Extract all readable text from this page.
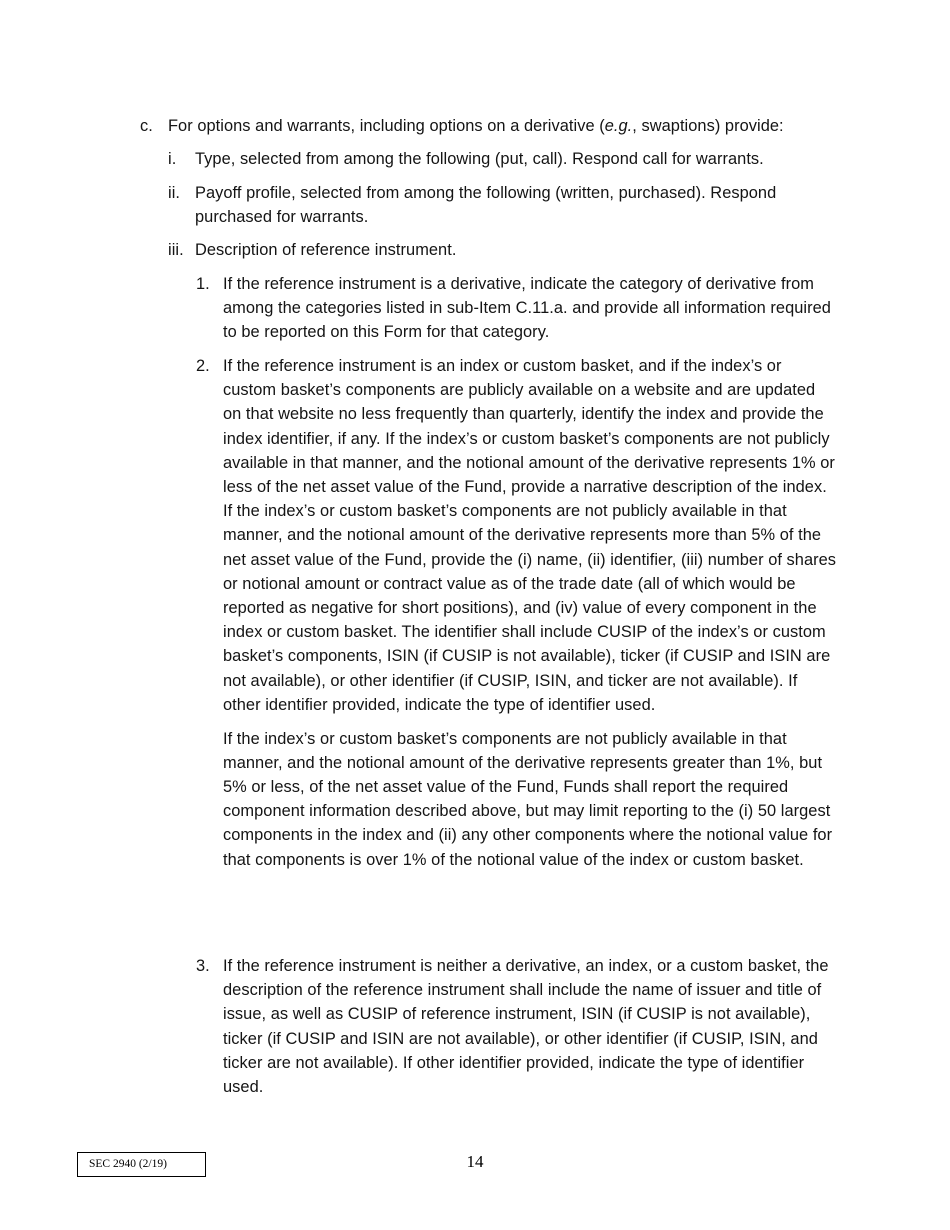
c. For options and warrants, including options on a derivative (e.g., swaptions) provide:
i. Type, selected from among the following (put, call). Respond call for warrants.
ii. Payoff profile, selected from among the following (written, purchased). Respond purchased for warrants.
iii. Description of reference instrument.
1. If the reference instrument is a derivative, indicate the category of derivative from among the categories listed in sub-Item C.11.a. and provide all information required to be reported on this Form for that category.
2. If the reference instrument is an index or custom basket, and if the index’s or custom basket’s components are publicly available on a website and are updated on that website no less frequently than quarterly, identify the index and provide the index identifier, if any. If the index’s or custom basket’s components are not publicly available in that manner, and the notional amount of the derivative represents 1% or less of the net asset value of the Fund, provide a narrative description of the index. If the index’s or custom basket’s components are not publicly available in that manner, and the notional amount of the derivative represents more than 5% of the net asset value of the Fund, provide the (i) name, (ii) identifier, (iii) number of shares or notional amount or contract value as of the trade date (all of which would be reported as negative for short positions), and (iv) value of every component in the index or custom basket. The identifier shall include CUSIP of the index’s or custom basket’s components, ISIN (if CUSIP is not available), ticker (if CUSIP and ISIN are not available), or other identifier (if CUSIP, ISIN, and ticker are not available). If other identifier provided, indicate the type of identifier used.

If the index’s or custom basket’s components are not publicly available in that manner, and the notional amount of the derivative represents greater than 1%, but 5% or less, of the net asset value of the Fund, Funds shall report the required component information described above, but may limit reporting to the (i) 50 largest components in the index and (ii) any other components where the notional value for that components is over 1% of the notional value of the index or custom basket.

3. If the reference instrument is neither a derivative, an index, or a custom basket, the description of the reference instrument shall include the name of issuer and title of issue, as well as CUSIP of reference instrument, ISIN (if CUSIP is not available), ticker (if CUSIP and ISIN are not available), or other identifier (if CUSIP, ISIN, and ticker are not available). If other identifier provided, indicate the type of identifier used.
SEC 2940 (2/19)	14
